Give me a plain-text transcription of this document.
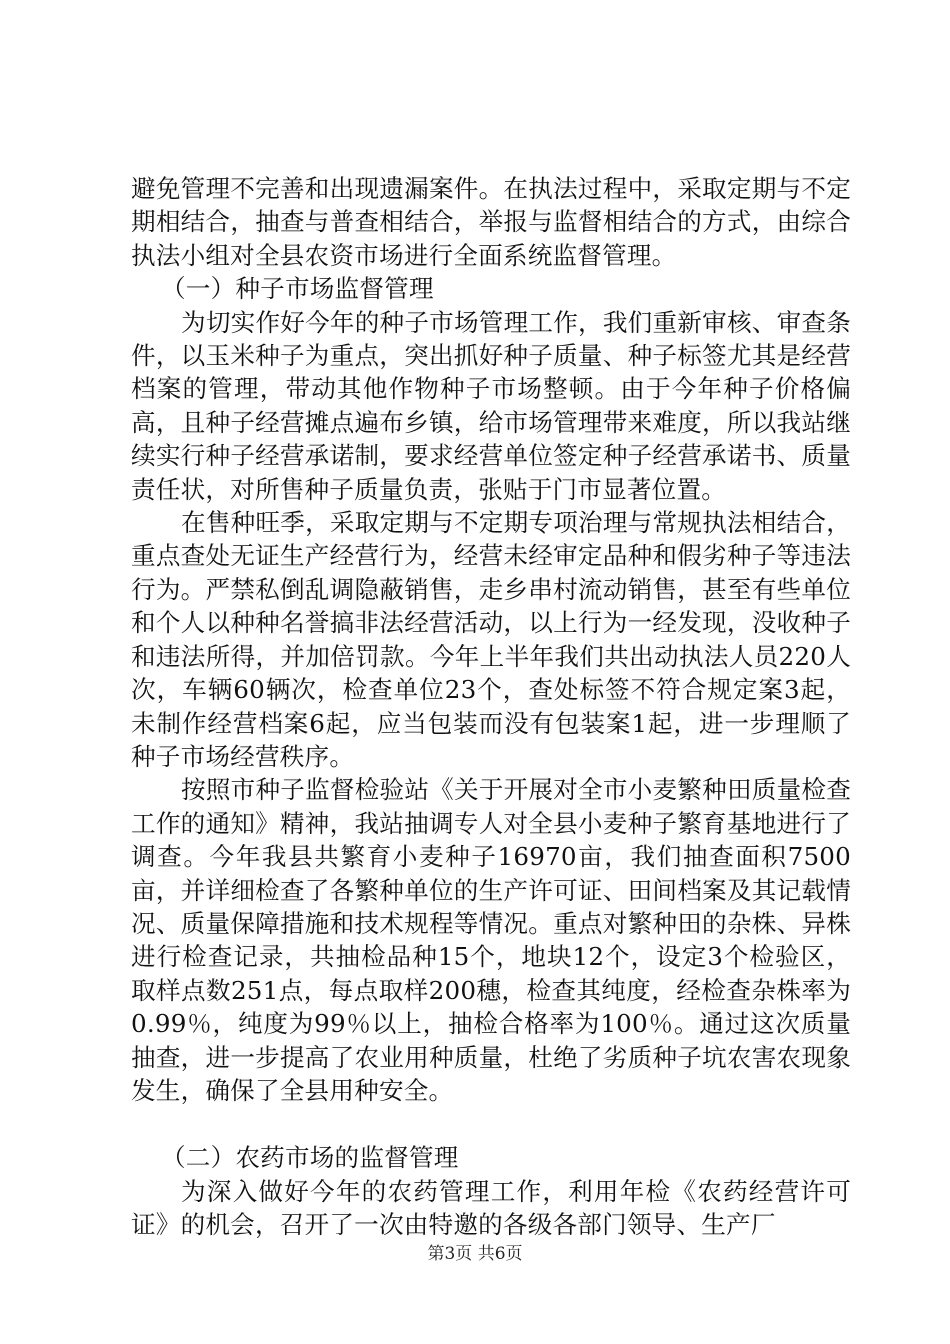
避免管理不完善和出现遗漏案件。在执法过程中，采取定期与不定期相结合，抽查与普查相结合，举报与监督相结合的方式，由综合执法小组对全县农资市场进行全面系统监督管理。

（一）种子市场监督管理

为切实作好今年的种子市场管理工作，我们重新审核、审查条件，以玉米种子为重点，突出抓好种子质量、种子标签尤其是经营档案的管理，带动其他作物种子市场整顿。由于今年种子价格偏高，且种子经营摊点遍布乡镇，给市场管理带来难度，所以我站继续实行种子经营承诺制，要求经营单位签定种子经营承诺书、质量责任状，对所售种子质量负责，张贴于门市显著位置。

在售种旺季，采取定期与不定期专项治理与常规执法相结合，重点查处无证生产经营行为，经营未经审定品种和假劣种子等违法行为。严禁私倒乱调隐蔽销售，走乡串村流动销售，甚至有些单位和个人以种种名誉搞非法经营活动，以上行为一经发现，没收种子和违法所得，并加倍罚款。今年上半年我们共出动执法人员220人次，车辆60辆次，检查单位23个，查处标签不符合规定案3起，未制作经营档案6起，应当包装而没有包装案1起，进一步理顺了种子市场经营秩序。

按照市种子监督检验站《关于开展对全市小麦繁种田质量检查工作的通知》精神，我站抽调专人对全县小麦种子繁育基地进行了调查。今年我县共繁育小麦种子16970亩，我们抽查面积7500亩，并详细检查了各繁种单位的生产许可证、田间档案及其记载情况、质量保障措施和技术规程等情况。重点对繁种田的杂株、异株进行检查记录，共抽检品种15个，地块12个，设定3个检验区，取样点数251点，每点取样200穗，检查其纯度，经检查杂株率为0.99％，纯度为99％以上，抽检合格率为100％。通过这次质量抽查，进一步提高了农业用种质量，杜绝了劣质种子坑农害农现象发生，确保了全县用种安全。

（二）农药市场的监督管理

为深入做好今年的农药管理工作，利用年检《农药经营许可证》的机会，召开了一次由特邀的各级各部门领导、生产厂

第3页 共6页
